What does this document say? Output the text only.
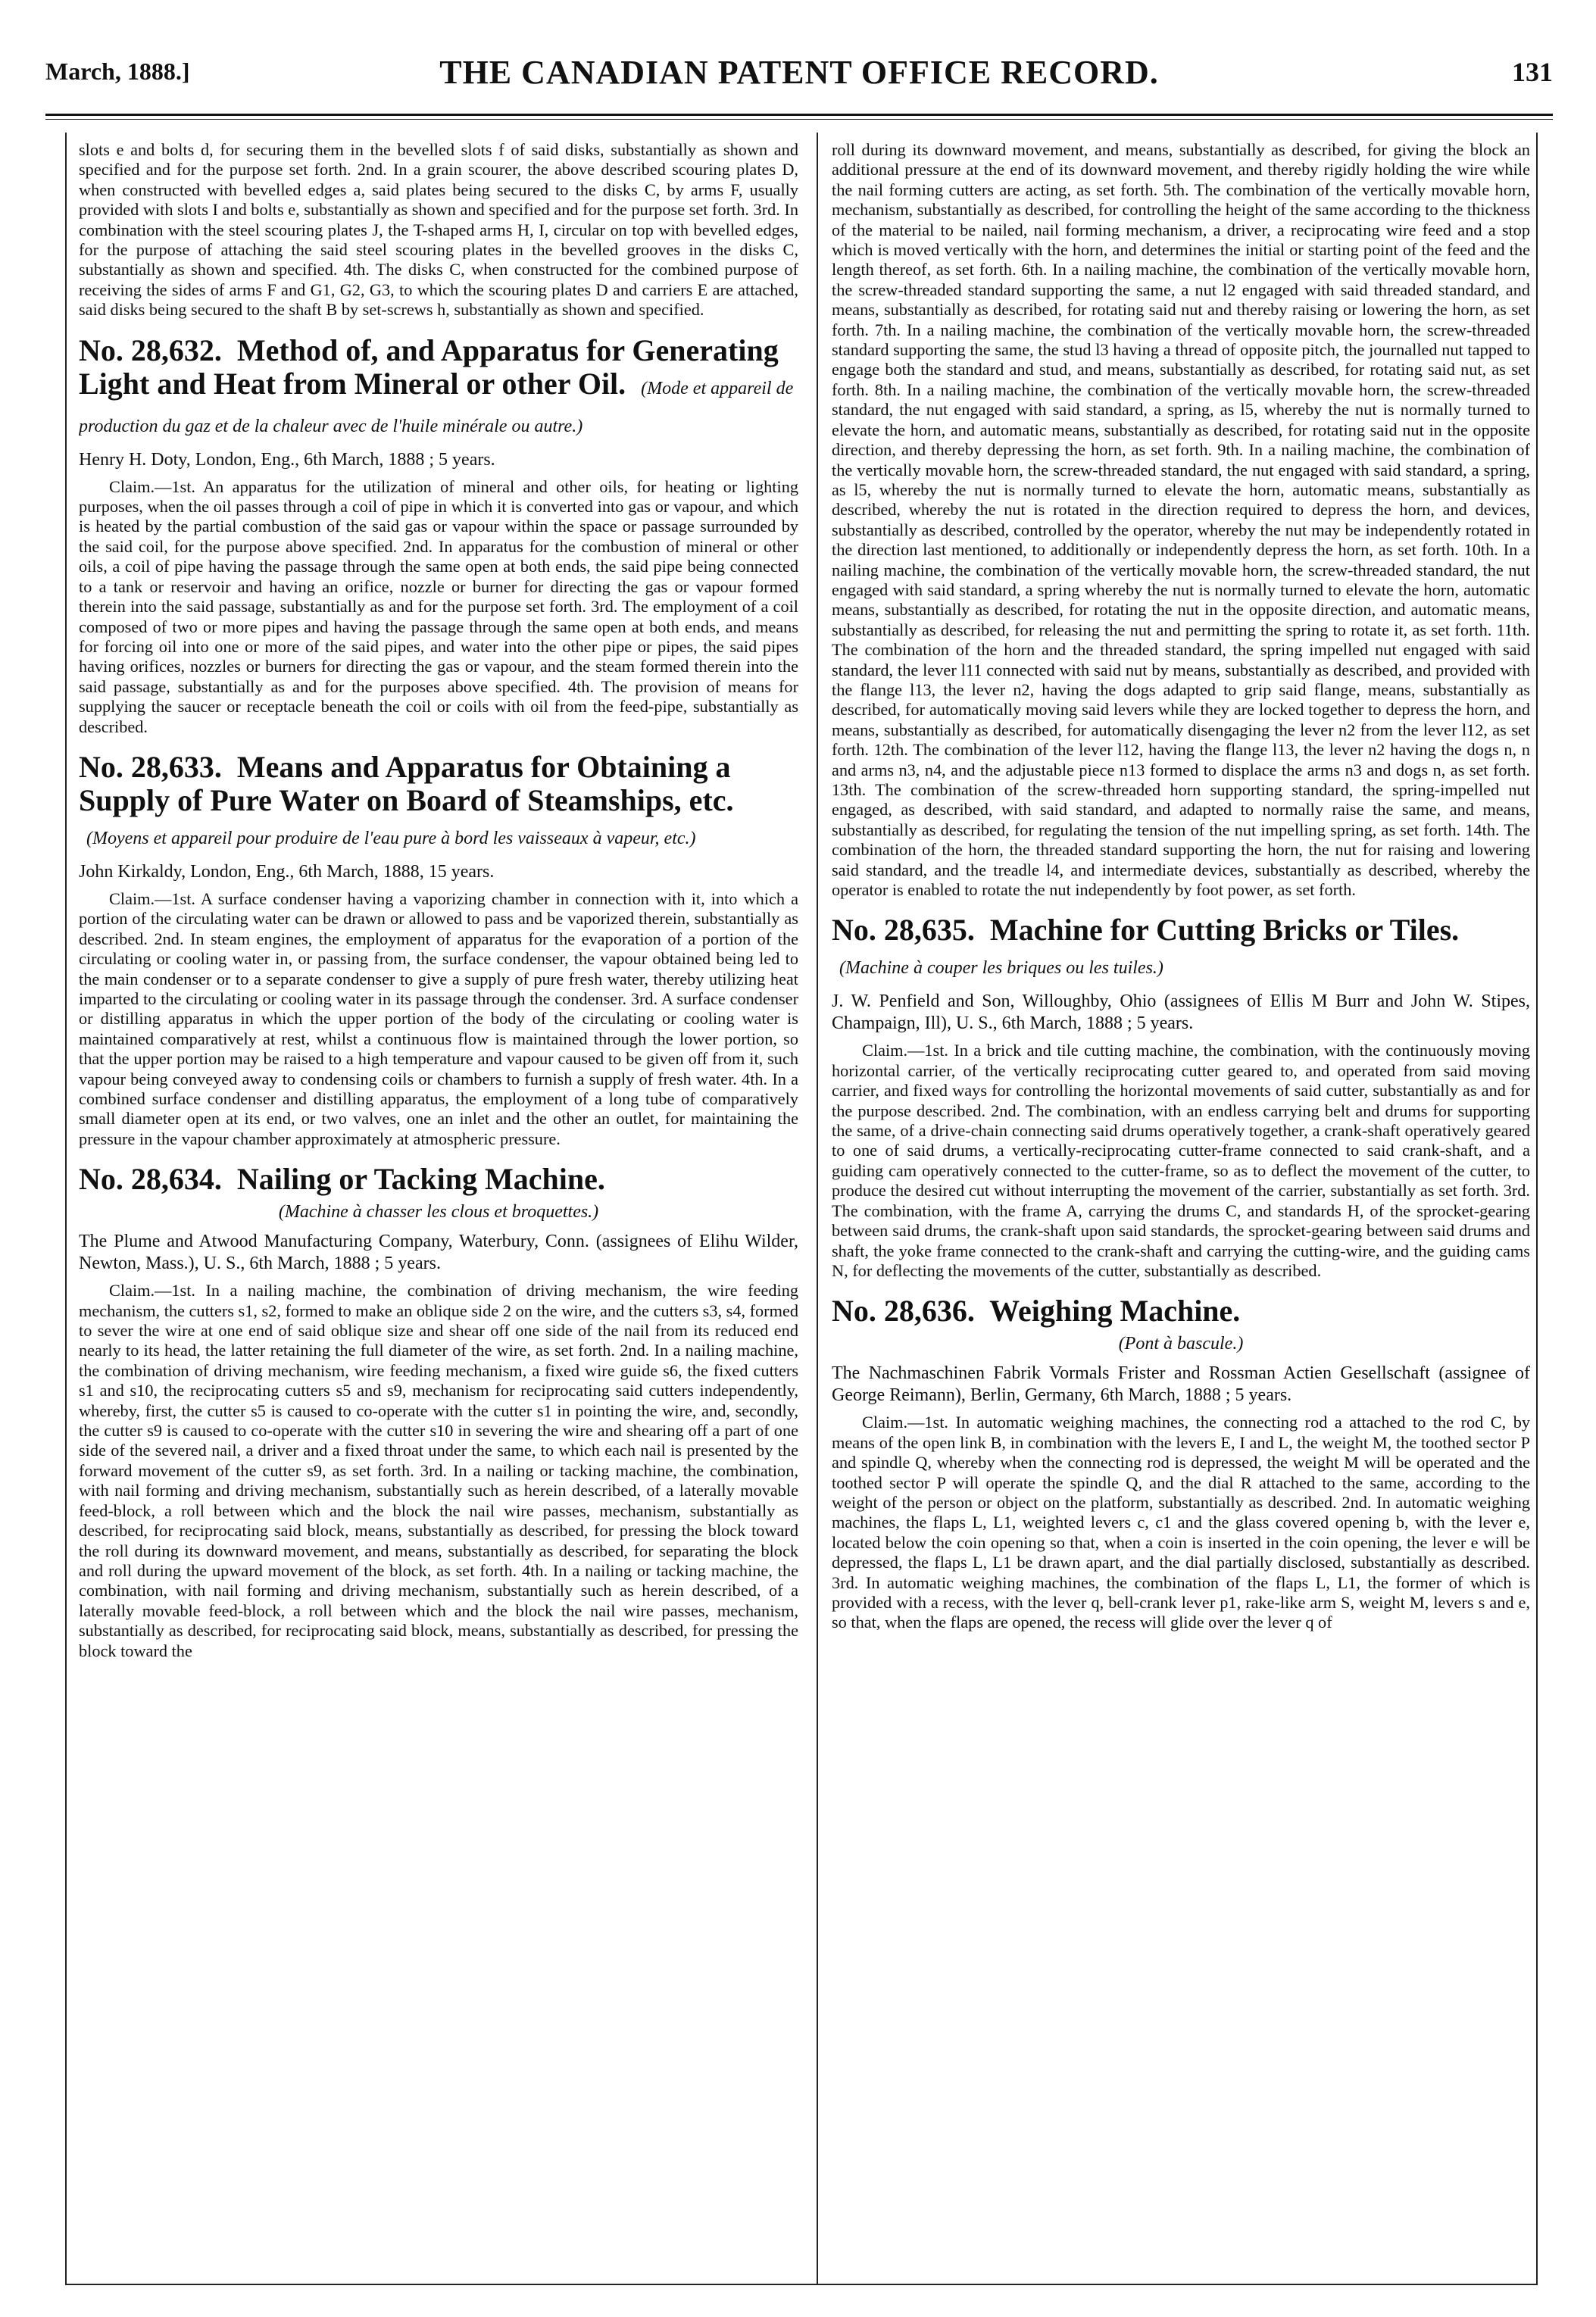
March, 1888.]	THE CANADIAN PATENT OFFICE RECORD.	131

slots e and bolts d, for securing them in the bevelled slots f of said disks, substantially as shown and specified and for the purpose set forth. 2nd. In a grain scourer, the above described scouring plates D, when constructed with bevelled edges a, said plates being secured to the disks C, by arms F, usually provided with slots I and bolts e, substantially as shown and specified and for the purpose set forth. 3rd. In combination with the steel scouring plates J, the T-shaped arms H, I, circular on top with bevelled edges, for the purpose of attaching the said steel scouring plates in the bevelled grooves in the disks C, substantially as shown and specified. 4th. The disks C, when constructed for the combined purpose of receiving the sides of arms F and G1, G2, G3, to which the scouring plates D and carriers E are attached, said disks being secured to the shaft B by set-screws h, substantially as shown and specified.

No. 28,632. Method of, and Apparatus for Generating Light and Heat from Mineral or other Oil. (Mode et appareil de production du gaz et de la chaleur avec de l'huile minérale ou autre.)

Henry H. Doty, London, Eng., 6th March, 1888 ; 5 years.

Claim.—1st. An apparatus for the utilization of mineral and other oils, for heating or lighting purposes, when the oil passes through a coil of pipe in which it is converted into gas or vapour, and which is heated by the partial combustion of the said gas or vapour within the space or passage surrounded by the said coil, for the purpose above specified. 2nd. In apparatus for the combustion of mineral or other oils, a coil of pipe having the passage through the same open at both ends, the said pipe being connected to a tank or reservoir and having an orifice, nozzle or burner for directing the gas or vapour formed therein into the said passage, substantially as and for the purpose set forth. 3rd. The employment of a coil composed of two or more pipes and having the passage through the same open at both ends, and means for forcing oil into one or more of the said pipes, and water into the other pipe or pipes, the said pipes having orifices, nozzles or burners for directing the gas or vapour, and the steam formed therein into the said passage, substantially as and for the purposes above specified. 4th. The provision of means for supplying the saucer or receptacle beneath the coil or coils with oil from the feed-pipe, substantially as described.

No. 28,633. Means and Apparatus for Obtaining a Supply of Pure Water on Board of Steamships, etc. (Moyens et appareil pour produire de l'eau pure à bord les vaisseaux à vapeur, etc.)

John Kirkaldy, London, Eng., 6th March, 1888, 15 years.

Claim.—1st. A surface condenser having a vaporizing chamber in connection with it, into which a portion of the circulating water can be drawn or allowed to pass and be vaporized therein, substantially as described. 2nd. In steam engines, the employment of apparatus for the evaporation of a portion of the circulating or cooling water in, or passing from, the surface condenser, the vapour obtained being led to the main condenser or to a separate condenser to give a supply of pure fresh water, thereby utilizing heat imparted to the circulating or cooling water in its passage through the condenser. 3rd. A surface condenser or distilling apparatus in which the upper portion of the body of the circulating or cooling water is maintained comparatively at rest, whilst a continuous flow is maintained through the lower portion, so that the upper portion may be raised to a high temperature and vapour caused to be given off from it, such vapour being conveyed away to condensing coils or chambers to furnish a supply of fresh water. 4th. In a combined surface condenser and distilling apparatus, the employment of a long tube of comparatively small diameter open at its end, or two valves, one an inlet and the other an outlet, for maintaining the pressure in the vapour chamber approximately at atmospheric pressure.

No. 28,634. Nailing or Tacking Machine.

(Machine à chasser les clous et broquettes.)

The Plume and Atwood Manufacturing Company, Waterbury, Conn. (assignees of Elihu Wilder, Newton, Mass.), U. S., 6th March, 1888 ; 5 years.

Claim.—1st. In a nailing machine, the combination of driving mechanism, the wire feeding mechanism, the cutters s1, s2, formed to make an oblique side 2 on the wire, and the cutters s3, s4, formed to sever the wire at one end of said oblique size and shear off one side of the nail from its reduced end nearly to its head, the latter retaining the full diameter of the wire, as set forth. 2nd. In a nailing machine, the combination of driving mechanism, wire feeding mechanism, a fixed wire guide s6, the fixed cutters s1 and s10, the reciprocating cutters s5 and s9, mechanism for reciprocating said cutters independently, whereby, first, the cutter s5 is caused to co-operate with the cutter s1 in pointing the wire, and, secondly, the cutter s9 is caused to co-operate with the cutter s10 in severing the wire and shearing off a part of one side of the severed nail, a driver and a fixed throat under the same, to which each nail is presented by the forward movement of the cutter s9, as set forth. 3rd. In a nailing or tacking machine, the combination, with nail forming and driving mechanism, substantially such as herein described, of a laterally movable feed-block, a roll between which and the block the nail wire passes, mechanism, substantially as described, for reciprocating said block, means, substantially as described, for pressing the block toward the roll during its downward movement, and means, substantially as described, for separating the block and roll during the upward movement of the block, as set forth. 4th. In a nailing or tacking machine, the combination, with nail forming and driving mechanism, substantially such as herein described, of a laterally movable feed-block, a roll between which and the block the nail wire passes, mechanism, substantially as described, for reciprocating said block, means, substantially as described, for pressing the block toward the

roll during its downward movement, and means, substantially as described, for giving the block an additional pressure at the end of its downward movement, and thereby rigidly holding the wire while the nail forming cutters are acting, as set forth. 5th. The combination of the vertically movable horn, mechanism, substantially as described, for controlling the height of the same according to the thickness of the material to be nailed, nail forming mechanism, a driver, a reciprocating wire feed and a stop which is moved vertically with the horn, and determines the initial or starting point of the feed and the length thereof, as set forth. 6th. In a nailing machine, the combination of the vertically movable horn, the screw-threaded standard supporting the same, a nut l2 engaged with said threaded standard, and means, substantially as described, for rotating said nut and thereby raising or lowering the horn, as set forth. 7th. In a nailing machine, the combination of the vertically movable horn, the screw-threaded standard supporting the same, the stud l3 having a thread of opposite pitch, the journalled nut tapped to engage both the standard and stud, and means, substantially as described, for rotating said nut, as set forth. 8th. In a nailing machine, the combination of the vertically movable horn, the screw-threaded standard, the nut engaged with said standard, a spring, as l5, whereby the nut is normally turned to elevate the horn, and automatic means, substantially as described, for rotating said nut in the opposite direction, and thereby depressing the horn, as set forth. 9th. In a nailing machine, the combination of the vertically movable horn, the screw-threaded standard, the nut engaged with said standard, a spring, as l5, whereby the nut is normally turned to elevate the horn, automatic means, substantially as described, whereby the nut is rotated in the direction required to depress the horn, and devices, substantially as described, controlled by the operator, whereby the nut may be independently rotated in the direction last mentioned, to additionally or independently depress the horn, as set forth. 10th. In a nailing machine, the combination of the vertically movable horn, the screw-threaded standard, the nut engaged with said standard, a spring whereby the nut is normally turned to elevate the horn, automatic means, substantially as described, for rotating the nut in the opposite direction, and automatic means, substantially as described, for releasing the nut and permitting the spring to rotate it, as set forth. 11th. The combination of the horn and the threaded standard, the spring impelled nut engaged with said standard, the lever l11 connected with said nut by means, substantially as described, and provided with the flange l13, the lever n2, having the dogs adapted to grip said flange, means, substantially as described, for automatically moving said levers while they are locked together to depress the horn, and means, substantially as described, for automatically disengaging the lever n2 from the lever l12, as set forth. 12th. The combination of the lever l12, having the flange l13, the lever n2 having the dogs n, n and arms n3, n4, and the adjustable piece n13 formed to displace the arms n3 and dogs n, as set forth. 13th. The combination of the screw-threaded horn supporting standard, the spring-impelled nut engaged, as described, with said standard, and adapted to normally raise the same, and means, substantially as described, for regulating the tension of the nut impelling spring, as set forth. 14th. The combination of the horn, the threaded standard supporting the horn, the nut for raising and lowering said standard, and the treadle l4, and intermediate devices, substantially as described, whereby the operator is enabled to rotate the nut independently by foot power, as set forth.

No. 28,635. Machine for Cutting Bricks or Tiles. (Machine à couper les briques ou les tuiles.)

J. W. Penfield and Son, Willoughby, Ohio (assignees of Ellis M Burr and John W. Stipes, Champaign, Ill), U. S., 6th March, 1888 ; 5 years.

Claim.—1st. In a brick and tile cutting machine, the combination, with the continuously moving horizontal carrier, of the vertically reciprocating cutter geared to, and operated from said moving carrier, and fixed ways for controlling the horizontal movements of said cutter, substantially as and for the purpose described. 2nd. The combination, with an endless carrying belt and drums for supporting the same, of a drive-chain connecting said drums operatively together, a crank-shaft operatively geared to one of said drums, a vertically-reciprocating cutter-frame connected to said crank-shaft, and a guiding cam operatively connected to the cutter-frame, so as to deflect the movement of the cutter, to produce the desired cut without interrupting the movement of the carrier, substantially as set forth. 3rd. The combination, with the frame A, carrying the drums C, and standards H, of the sprocket-gearing between said drums, the crank-shaft upon said standards, the sprocket-gearing between said drums and shaft, the yoke frame connected to the crank-shaft and carrying the cutting-wire, and the guiding cams N, for deflecting the movements of the cutter, substantially as described.

No. 28,636. Weighing Machine.

(Pont à bascule.)

The Nachmaschinen Fabrik Vormals Frister and Rossman Actien Gesellschaft (assignee of George Reimann), Berlin, Germany, 6th March, 1888 ; 5 years.

Claim.—1st. In automatic weighing machines, the connecting rod a attached to the rod C, by means of the open link B, in combination with the levers E, I and L, the weight M, the toothed sector P and spindle Q, whereby when the connecting rod is depressed, the weight M will be operated and the toothed sector P will operate the spindle Q, and the dial R attached to the same, according to the weight of the person or object on the platform, substantially as described. 2nd. In automatic weighing machines, the flaps L, L1, weighted levers c, c1 and the glass covered opening b, with the lever e, located below the coin opening so that, when a coin is inserted in the coin opening, the lever e will be depressed, the flaps L, L1 be drawn apart, and the dial partially disclosed, substantially as described. 3rd. In automatic weighing machines, the combination of the flaps L, L1, the former of which is provided with a recess, with the lever q, bell-crank lever p1, rake-like arm S, weight M, levers s and e, so that, when the flaps are opened, the recess will glide over the lever q of
